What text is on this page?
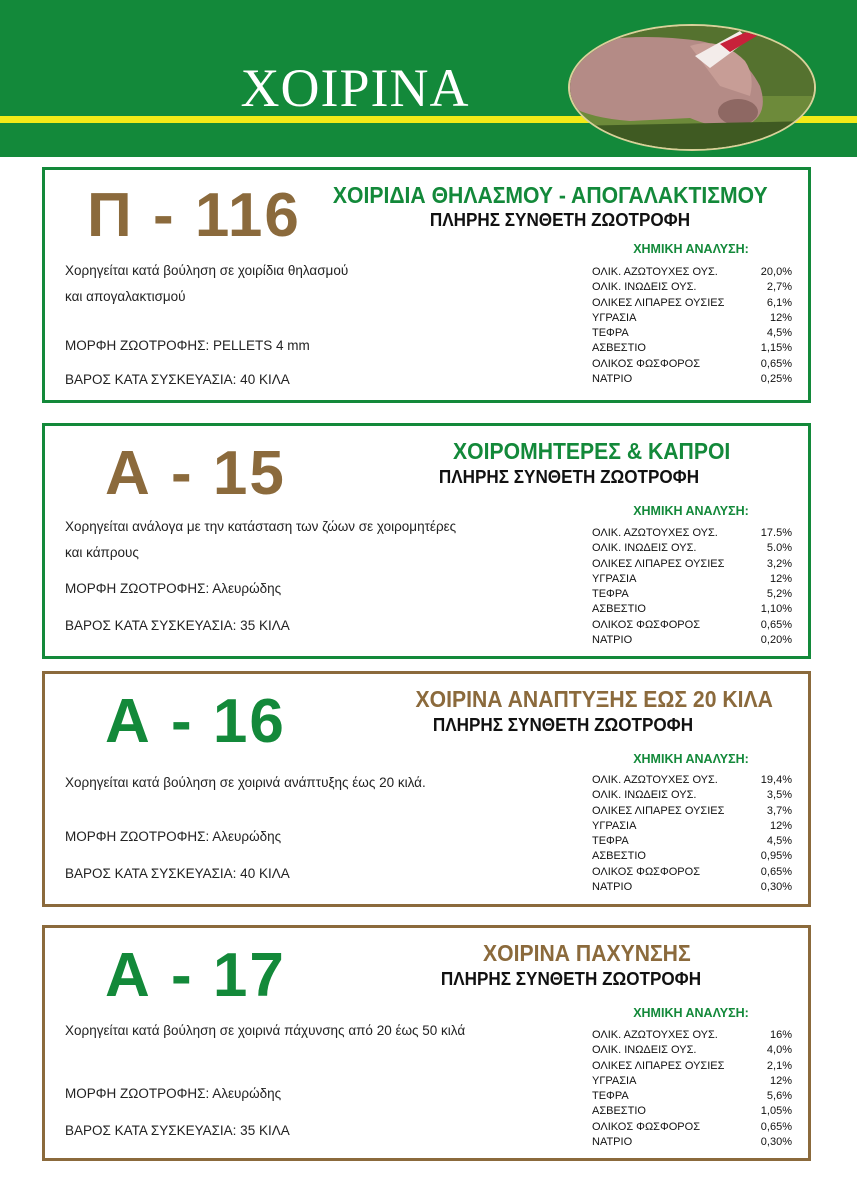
ΧΟΙΡΙΝΑ
Π - 116 ΧΟΙΡΙΔΙΑ ΘΗΛΑΣΜΟΥ - ΑΠΟΓΑΛΑΚΤΙΣΜΟΥ
ΠΛΗΡΗΣ ΣΥΝΘΕΤΗ ΖΩΟΤΡΟΦΗ
ΧΗΜΙΚΗ ΑΝΑΛΥΣΗ:
Χορηγείται κατά βούληση σε χοιρίδια θηλασμού
και απογαλακτισμού
ΜΟΡΦΗ ΖΩΟΤΡΟΦΗΣ: PELLETS 4 mm
ΒΑΡΟΣ ΚΑΤΑ ΣΥΣΚΕΥΑΣΙΑ: 40 ΚΙΛΑ
ΟΛΙΚ. ΑΖΩΤΟΥΧΕΣ ΟΥΣ.	20,0%
ΟΛΙΚ. ΙΝΩΔΕΙΣ ΟΥΣ.	2,7%
ΟΛΙΚΕΣ ΛΙΠΑΡΕΣ ΟΥΣΙΕΣ	6,1%
ΥΓΡΑΣΙΑ	12%
ΤΕΦΡΑ	4,5%
ΑΣΒΕΣΤΙΟ	1,15%
ΟΛΙΚΟΣ ΦΩΣΦΟΡΟΣ	0,65%
ΝΑΤΡΙΟ	0,25%
Α - 15	ΧΟΙΡΟΜΗΤΕΡΕΣ & ΚΑΠΡΟΙ
ΠΛΗΡΗΣ ΣΥΝΘΕΤΗ ΖΩΟΤΡΟΦΗ
ΧΗΜΙΚΗ ΑΝΑΛΥΣΗ:
Χορηγείται ανάλογα με την κατάσταση των ζώων σε χοιρομητέρες
και κάπρους
ΜΟΡΦΗ ΖΩΟΤΡΟΦΗΣ: Αλευρώδης
ΒΑΡΟΣ ΚΑΤΑ ΣΥΣΚΕΥΑΣΙΑ: 35 ΚΙΛΑ
ΟΛΙΚ. ΑΖΩΤΟΥΧΕΣ ΟΥΣ.	17.5%
ΟΛΙΚ. ΙΝΩΔΕΙΣ ΟΥΣ.	5.0%
ΟΛΙΚΕΣ ΛΙΠΑΡΕΣ ΟΥΣΙΕΣ	3,2%
ΥΓΡΑΣΙΑ	12%
ΤΕΦΡΑ	5,2%
ΑΣΒΕΣΤΙΟ	1,10%
ΟΛΙΚΟΣ ΦΩΣΦΟΡΟΣ	0,65%
ΝΑΤΡΙΟ	0,20%
Α - 16	ΧΟΙΡΙΝΑ ΑΝΑΠΤΥΞΗΣ ΕΩΣ 20 ΚΙΛΑ
ΠΛΗΡΗΣ ΣΥΝΘΕΤΗ ΖΩΟΤΡΟΦΗ
ΧΗΜΙΚΗ ΑΝΑΛΥΣΗ:
Χορηγείται κατά βούληση σε χοιρινά ανάπτυξης έως 20 κιλά.
ΜΟΡΦΗ ΖΩΟΤΡΟΦΗΣ: Αλευρώδης
ΒΑΡΟΣ ΚΑΤΑ ΣΥΣΚΕΥΑΣΙΑ: 40 ΚΙΛΑ
ΟΛΙΚ. ΑΖΩΤΟΥΧΕΣ ΟΥΣ.	19,4%
ΟΛΙΚ. ΙΝΩΔΕΙΣ ΟΥΣ.	3,5%
ΟΛΙΚΕΣ ΛΙΠΑΡΕΣ ΟΥΣΙΕΣ	3,7%
ΥΓΡΑΣΙΑ	12%
ΤΕΦΡΑ	4,5%
ΑΣΒΕΣΤΙΟ	0,95%
ΟΛΙΚΟΣ ΦΩΣΦΟΡΟΣ	0,65%
ΝΑΤΡΙΟ	0,30%
Α - 17	ΧΟΙΡΙΝΑ ΠΑΧΥΝΣΗΣ
ΠΛΗΡΗΣ ΣΥΝΘΕΤΗ ΖΩΟΤΡΟΦΗ
ΧΗΜΙΚΗ ΑΝΑΛΥΣΗ:
Χορηγείται κατά βούληση σε χοιρινά πάχυνσης από 20 έως 50 κιλά
ΜΟΡΦΗ ΖΩΟΤΡΟΦΗΣ: Αλευρώδης
ΒΑΡΟΣ ΚΑΤΑ ΣΥΣΚΕΥΑΣΙΑ: 35 ΚΙΛΑ
ΟΛΙΚ. ΑΖΩΤΟΥΧΕΣ ΟΥΣ.	16%
ΟΛΙΚ. ΙΝΩΔΕΙΣ ΟΥΣ.	4,0%
ΟΛΙΚΕΣ ΛΙΠΑΡΕΣ ΟΥΣΙΕΣ	2,1%
ΥΓΡΑΣΙΑ	12%
ΤΕΦΡΑ	5,6%
ΑΣΒΕΣΤΙΟ	1,05%
ΟΛΙΚΟΣ ΦΩΣΦΟΡΟΣ	0,65%
ΝΑΤΡΙΟ	0,30%
